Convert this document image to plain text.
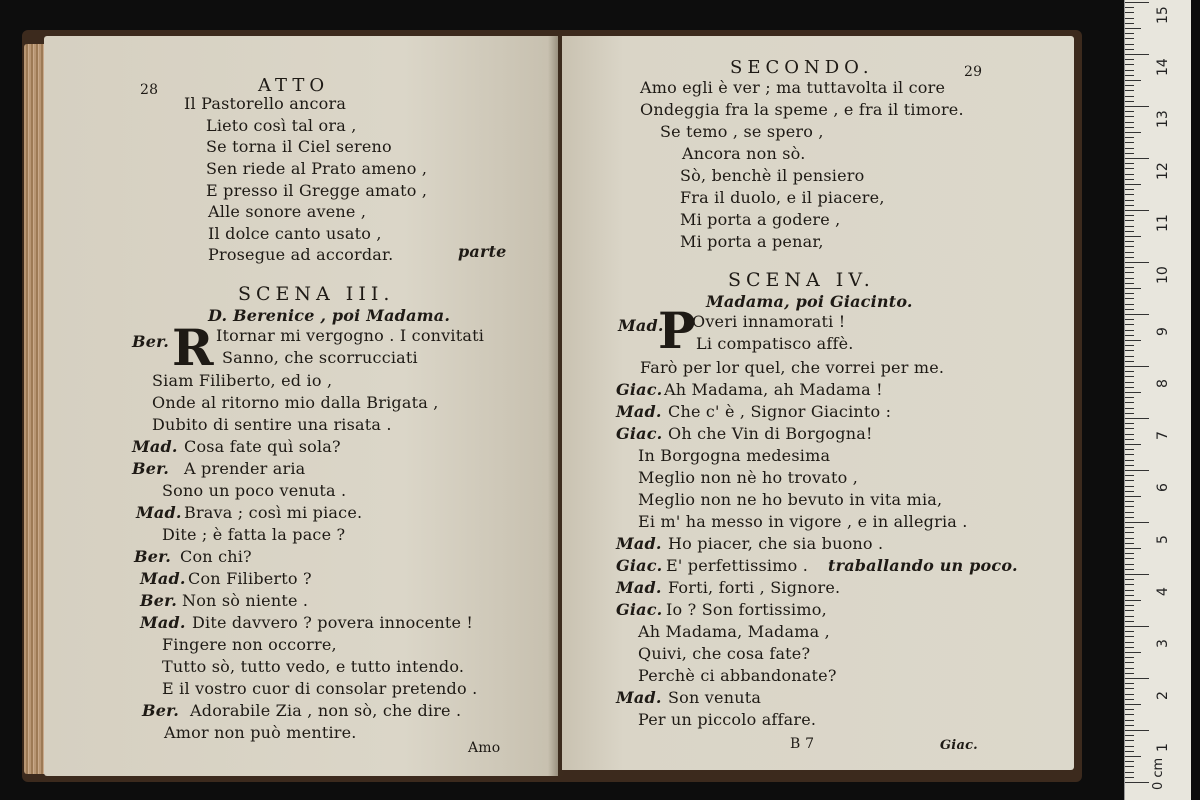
28	ATTO
Il Pastorello ancora
Lieto così tal ora ,
Se torna il Ciel sereno
Sen riede al Prato ameno ,
E presso il Gregge amato ,
Alle sonore avene ,
Il dolce canto usato ,
Prosegue ad accordar.	parte
SCENA III.
D. Berenice , poi Madama.
Ber. R Itornar mi vergogno . I convitati
Sanno, che scorrucciati
Siam Filiberto, ed io ,
Onde al ritorno mio dalla Brigata ,
Dubito di sentire una risata .
Mad. Cosa fate quì sola?
Ber. A prender aria
Sono un poco venuta .
Mad. Brava ; così mi piace.
Dite ; è fatta la pace ?
Ber. Con chi?
Mad. Con Filiberto ?
Ber. Non sò niente .
Mad. Dite davvero ? povera innocente !
Fingere non occorre,
Tutto sò, tutto vedo, e tutto intendo.
E il vostro cuor di consolar pretendo .
Ber. Adorabile Zia , non sò, che dire .
Amor non può mentire.
Amo
SECONDO.	29
Amo egli è ver ; ma tuttavolta il core
Ondeggia fra la speme , e fra il timore.
Se temo , se spero ,
Ancora non sò.
Sò, benchè il pensiero
Fra il duolo, e il piacere,
Mi porta a godere ,
Mi porta a penar,
SCENA IV.
Madama, poi Giacinto.
Mad.
P
Overi innamorati !
Li compatisco affè.
Farò per lor quel, che vorrei per me.
Giac. Ah Madama, ah Madama !
Mad. Che c' è , Signor Giacinto :
Giac. Oh che Vin di Borgogna!
In Borgogna medesima
Meglio non nè ho trovato ,
Meglio non ne ho bevuto in vita mia,
Ei m' ha messo in vigore , e in allegria .
Mad. Ho piacer, che sia buono .
Giac. E' perfettissimo . traballando un poco.
Mad. Forti, forti , Signore.
Giac. Io ? Son fortissimo,
Ah Madama, Madama ,
Quivi, che cosa fate?
Perchè ci abbandonate?
Mad. Son venuta
Per un piccolo affare.
B 7	Giac.
0 cm
1
2
3
4
5
6
7
8
9
10
11
12
13
14
15
